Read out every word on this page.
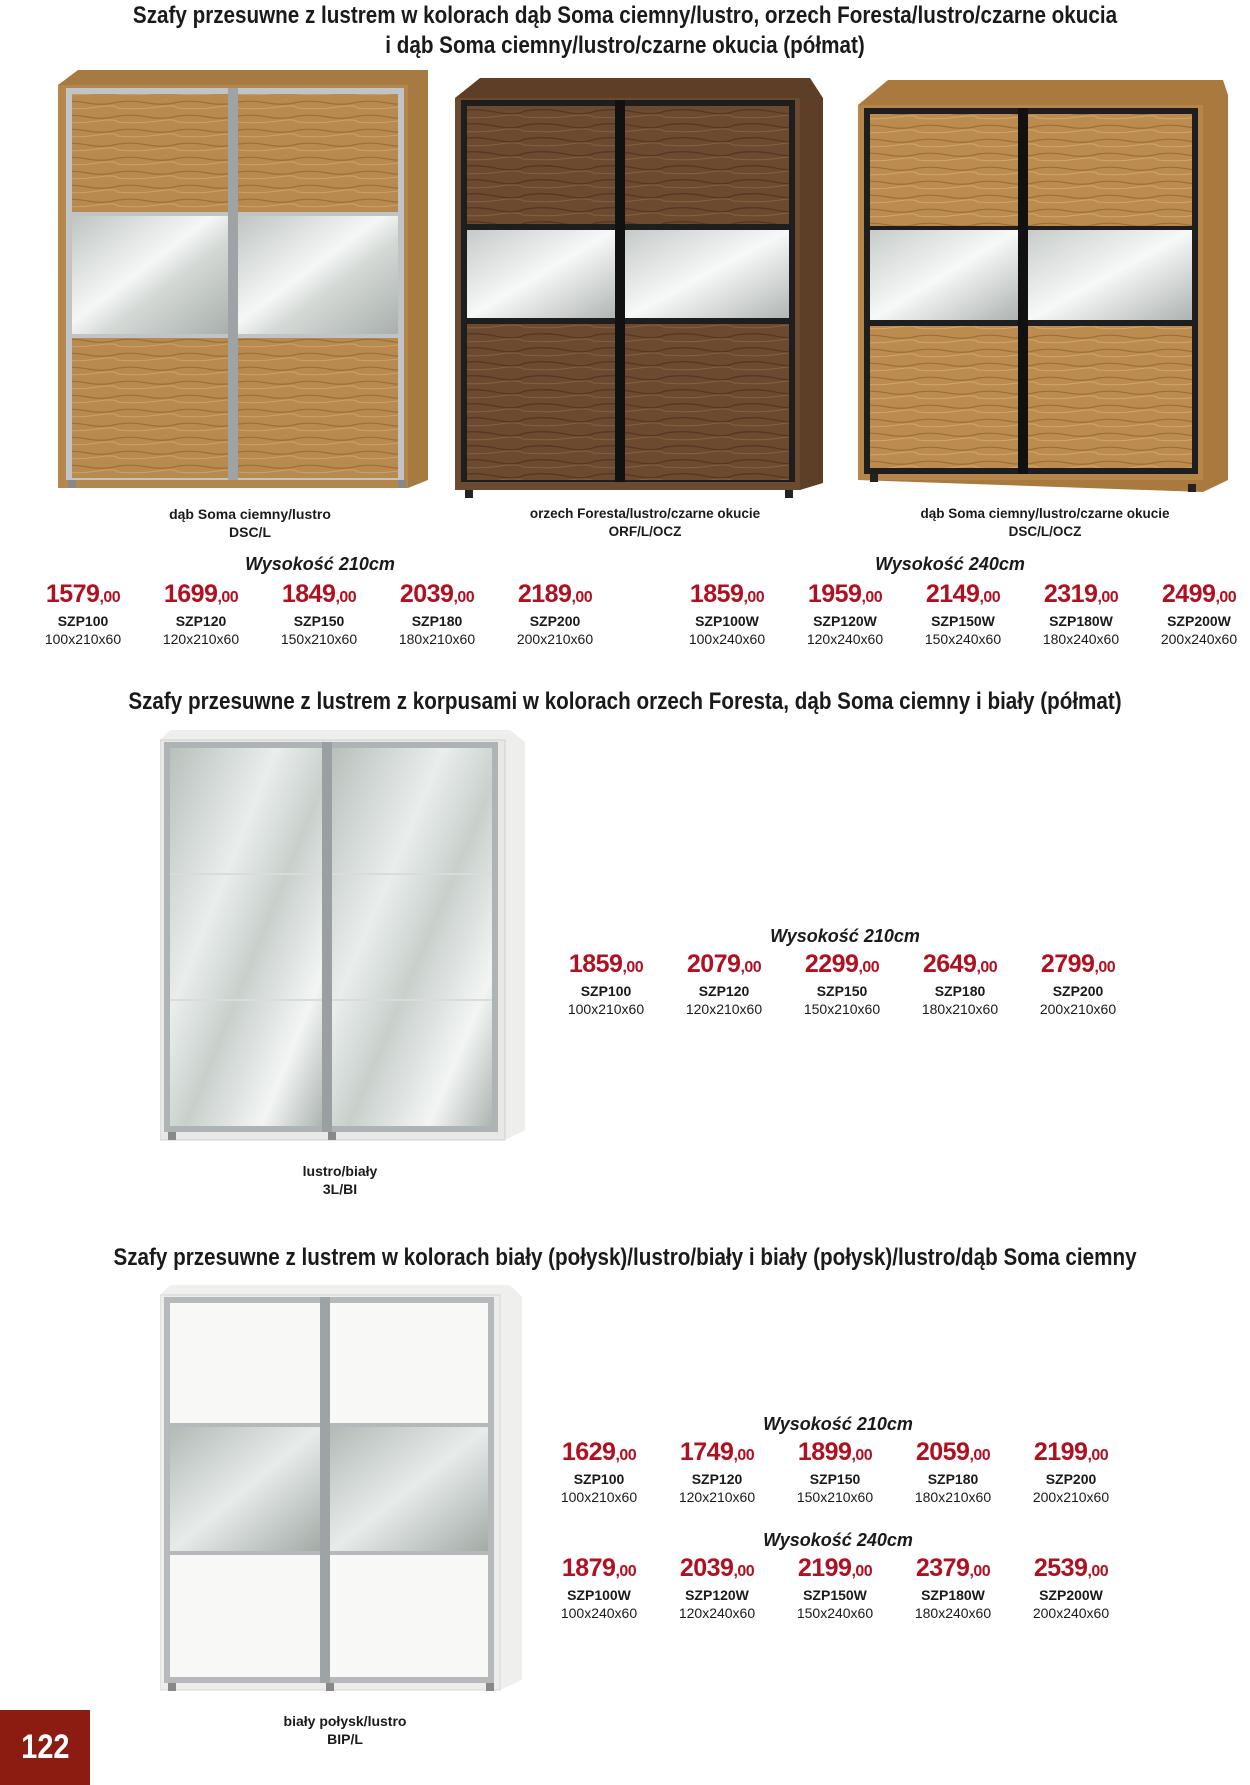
Szafy przesuwne z lustrem w kolorach dąb Soma ciemny/lustro, orzech Foresta/lustro/czarne okucia
i dąb Soma ciemny/lustro/czarne okucia (półmat)
dąb Soma ciemny/lustro
DSC/L
orzech Foresta/lustro/czarne okucie
ORF/L/OCZ
dąb Soma ciemny/lustro/czarne okucie
DSC/L/OCZ
Wysokość 210cm	Wysokość 240cm
1579,00
SZP100
100x210x60
1699,00
SZP120
120x210x60
1849,00
SZP150
150x210x60
2039,00
SZP180
180x210x60
2189,00
SZP200
200x210x60
1859,00
SZP100W
100x240x60
1959,00
SZP120W
120x240x60
2149,00
SZP150W
150x240x60
2319,00
SZP180W
180x240x60
2499,00
SZP200W
200x240x60
Szafy przesuwne z lustrem z korpusami w kolorach orzech Foresta, dąb Soma ciemny i biały (półmat)
lustro/biały
3L/BI
Wysokość 210cm
1859,00
SZP100
100x210x60
2079,00
SZP120
120x210x60
2299,00
SZP150
150x210x60
2649,00
SZP180
180x210x60
2799,00
SZP200
200x210x60
Szafy przesuwne z lustrem w kolorach biały (połysk)/lustro/biały i biały (połysk)/lustro/dąb Soma ciemny
biały połysk/lustro
BIP/L
Wysokość 210cm
1629,00
SZP100
100x210x60
1749,00
SZP120
120x210x60
1899,00
SZP150
150x210x60
2059,00
SZP180
180x210x60
2199,00
SZP200
200x210x60
Wysokość 240cm
1879,00
SZP100W
100x240x60
2039,00
SZP120W
120x240x60
2199,00
SZP150W
150x240x60
2379,00
SZP180W
180x240x60
2539,00
SZP200W
200x240x60
122
